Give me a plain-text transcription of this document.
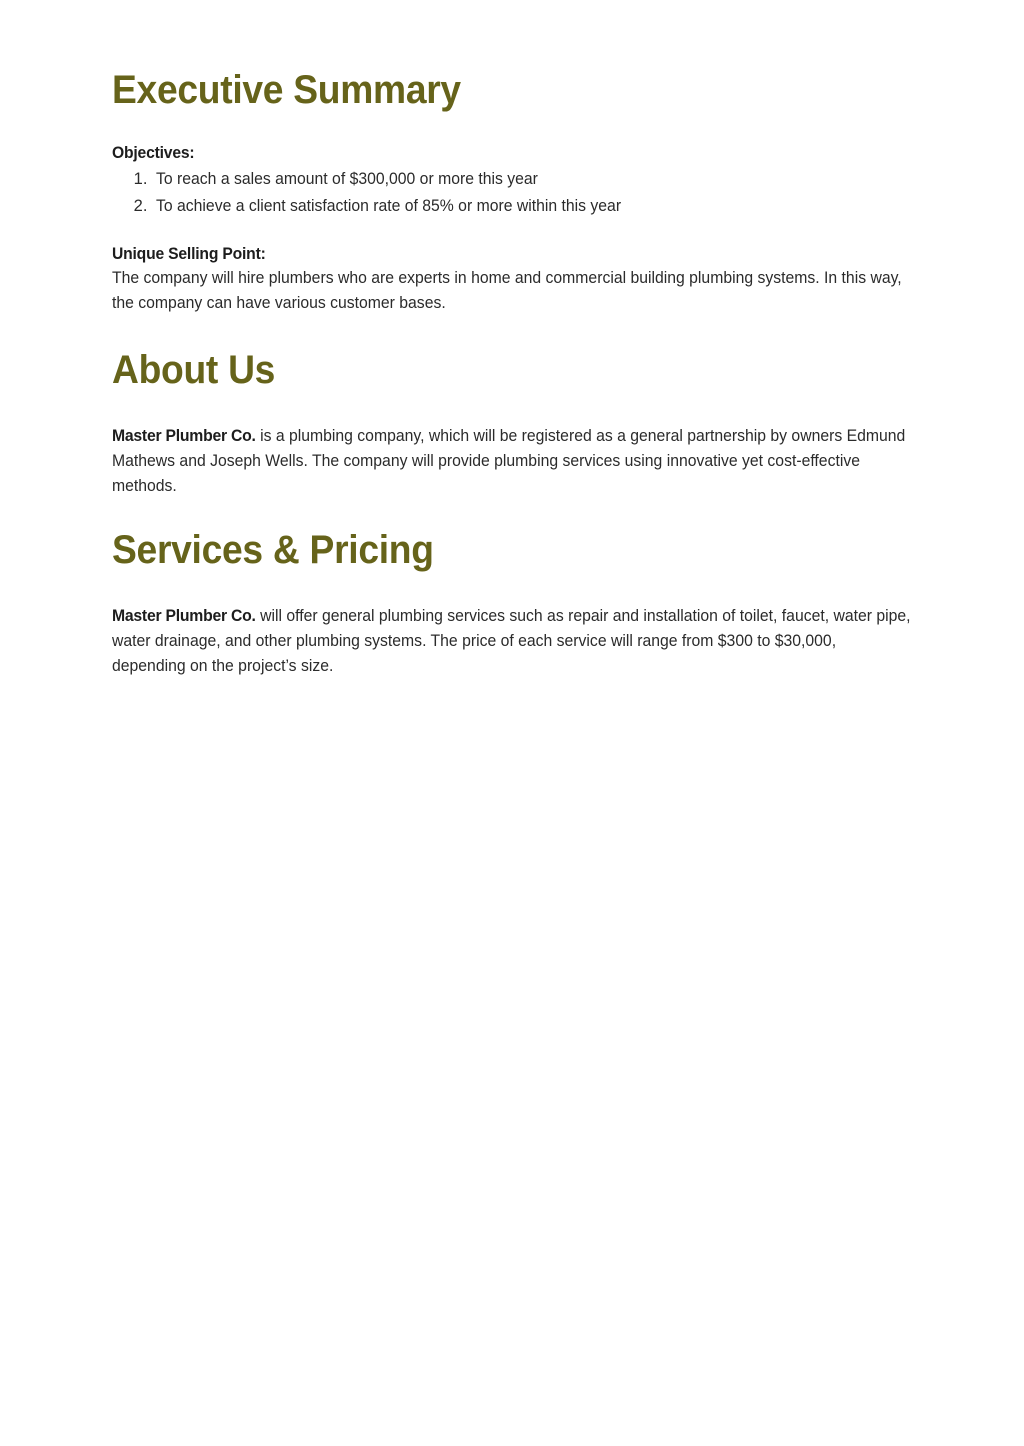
Executive Summary

Objectives:

1. To reach a sales amount of $300,000 or more this year
2. To achieve a client satisfaction rate of 85% or more within this year

Unique Selling Point:

The company will hire plumbers who are experts in home and commercial building plumbing systems. In this way, the company can have various customer bases.

About Us

Master Plumber Co. is a plumbing company, which will be registered as a general partnership by owners Edmund Mathews and Joseph Wells. The company will provide plumbing services using innovative yet cost-effective methods.

Services & Pricing

Master Plumber Co. will offer general plumbing services such as repair and installation of toilet, faucet, water pipe, water drainage, and other plumbing systems. The price of each service will range from $300 to $30,000, depending on the project’s size.
